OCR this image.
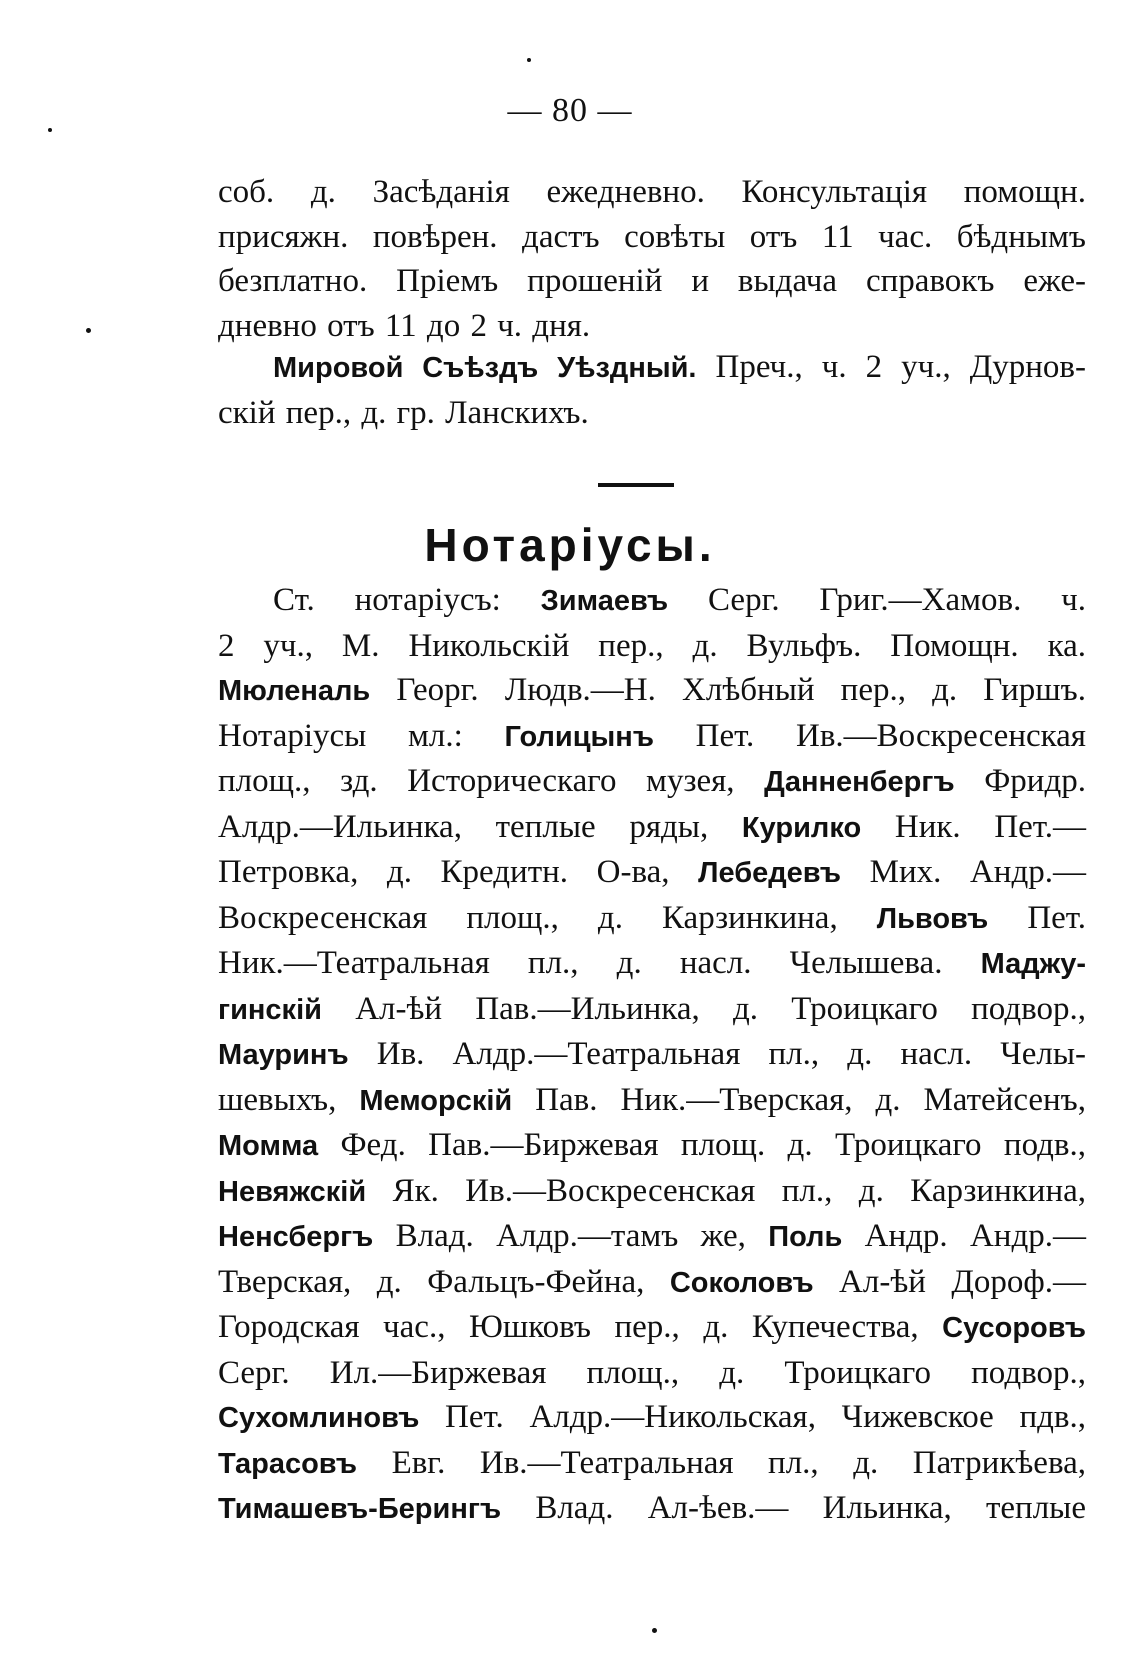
— 80 —
соб. д. Засѣданія ежедневно. Консультація помощн.
присяжн. повѣрен. дастъ совѣты отъ 11 час. бѣднымъ
безплатно. Пріемъ прошеній и выдача справокъ еже-
дневно отъ 11 до 2 ч. дня.
Мировой Съѣздъ Уѣздный. Преч., ч. 2 уч., Дурнов-
скій пер., д. гр. Ланскихъ.
Нотаріусы.
Ст. нотаріусъ: Зимаевъ Серг. Григ.—Хамов. ч.
2 уч., М. Никольскій пер., д. Вульфъ. Помощн. ка.
Мюленаль Георг. Людв.—Н. Хлѣбный пер., д. Гиршъ.
Нотаріусы мл.: Голицынъ Пет. Ив.—Воскресенская
площ., зд. Историческаго музея, Данненбергъ Фридр.
Алдр.—Ильинка, теплые ряды, Курилко Ник. Пет.—
Петровка, д. Кредитн. О-ва, Лебедевъ Мих. Андр.—
Воскресенская площ., д. Карзинкина, Львовъ Пет.
Ник.—Театральная пл., д. насл. Челышева. Маджу-
гинскій Ал-ѣй Пав.—Ильинка, д. Троицкаго подвор.,
Мауринъ Ив. Алдр.—Театральная пл., д. насл. Челы-
шевыхъ, Меморскій Пав. Ник.—Тверская, д. Матейсенъ,
Момма Фед. Пав.—Биржевая площ. д. Троицкаго подв.,
Невяжскій Як. Ив.—Воскресенская пл., д. Карзинкина,
Ненсбергъ Влад. Алдр.—тамъ же, Поль Андр. Андр.—
Тверская, д. Фальцъ-Фейна, Соколовъ Ал-ѣй Дороф.—
Городская час., Юшковъ пер., д. Купечества, Сусоровъ
Серг. Ил.—Биржевая площ., д. Троицкаго подвор.,
Сухомлиновъ Пет. Алдр.—Никольская, Чижевское пдв.,
Тарасовъ Евг. Ив.—Театральная пл., д. Патрикѣева,
Тимашевъ-Берингъ Влад. Ал-ѣев.— Ильинка, теплые
